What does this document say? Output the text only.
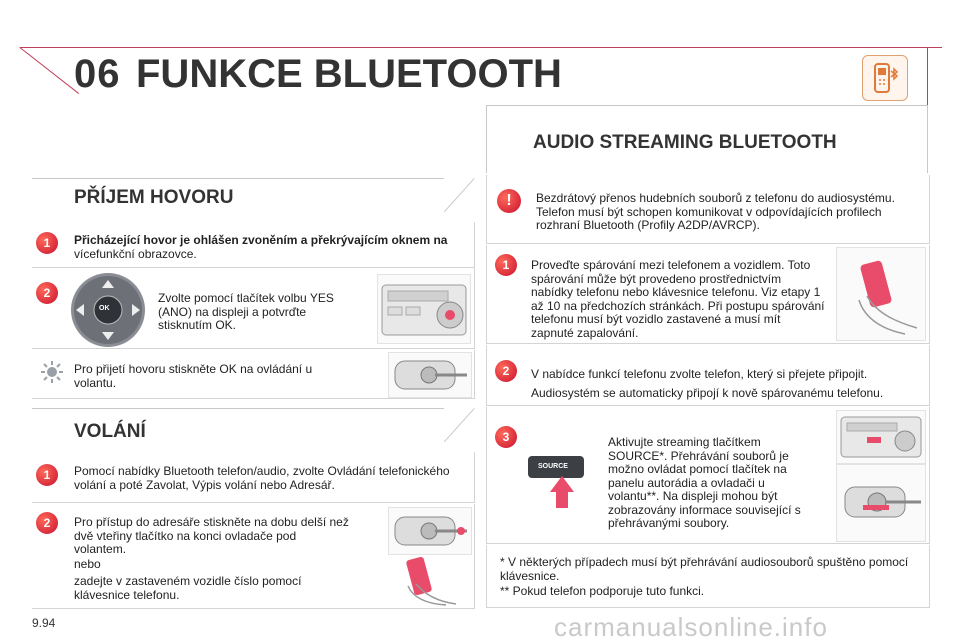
06 FUNKCE BLUETOOTH
PŘÍJEM HOVORU
1	Přicházející hovor je ohlášen zvoněním a překrývajícím oknem na
vícefunkční obrazovce.
2
OK
Zvolte pomocí tlačítek volbu YES (ANO) na displeji a potvrďte stisknutím OK.
Pro přijetí hovoru stiskněte OK na ovládání u volantu.
VOLÁNÍ
1	Pomocí nabídky Bluetooth telefon/audio, zvolte Ovládání telefonického volání a poté Zavolat, Výpis volání nebo Adresář.
2	Pro přístup do adresáře stiskněte na dobu delší než dvě vteřiny tlačítko na konci ovladače pod volantem.
nebo
zadejte v zastaveném vozidle číslo pomocí klávesnice telefonu.
AUDIO STREAMING BLUETOOTH
!	Bezdrátový přenos hudebních souborů z telefonu do audiosystému. Telefon musí být schopen komunikovat v odpovídajících profilech rozhraní Bluetooth (Profily A2DP/AVRCP).
1	Proveďte spárování mezi telefonem a vozidlem. Toto spárování může být provedeno prostřednictvím nabídky telefonu nebo klávesnice telefonu. Viz etapy 1 až 10 na předchozích stránkách. Při postupu spárování telefonu musí být vozidlo zastavené a musí mít zapnuté zapalování.
2	V nabídce funkcí telefonu zvolte telefon, který si přejete připojit.
Audiosystém se automaticky připojí k nově spárovanému telefonu.
3
SOURCE
Aktivujte streaming tlačítkem SOURCE*. Přehrávání souborů je možno ovládat pomocí tlačítek na panelu autorádia a ovladači u volantu**. Na displeji mohou být zobrazovány informace související s přehrávanými soubory.
* V některých případech musí být přehrávání audiosouborů spuštěno pomocí klávesnice.
** Pokud telefon podporuje tuto funkci.
9.94	carmanualsonline.info
